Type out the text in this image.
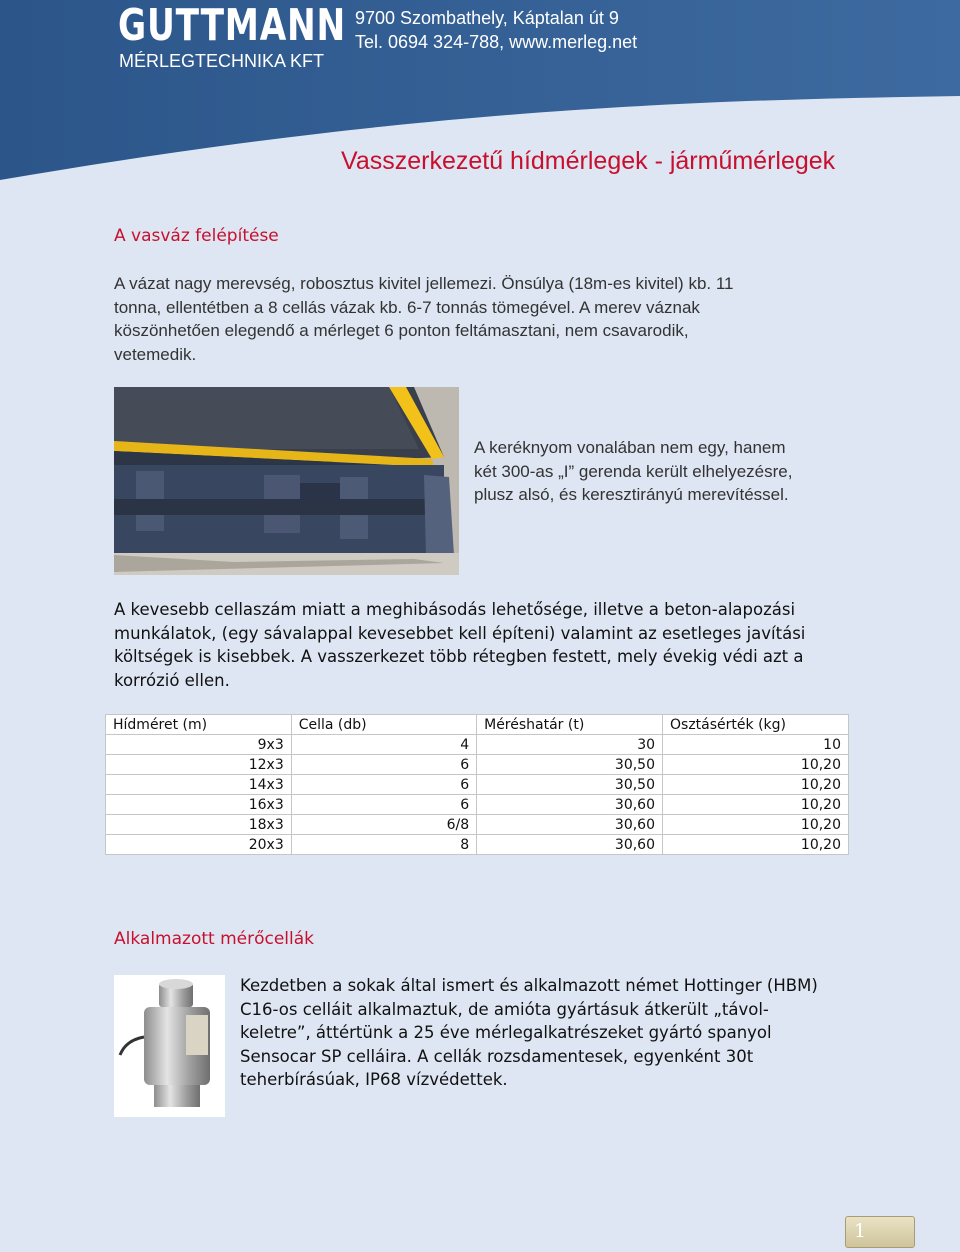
GUTTMANN
MÉRLEGTECHNIKA KFT
9700 Szombathely, Káptalan út 9
Tel. 0694 324-788, www.merleg.net
Vasszerkezetű hídmérlegek - járműmérlegek
A vasváz felépítése
A vázat nagy merevség, robosztus kivitel jellemezi. Önsúlya (18m-es kivitel) kb. 11
tonna, ellentétben a 8 cellás vázak kb. 6-7 tonnás tömegével. A merev váznak
köszönhetően elegendő a mérleget 6 ponton feltámasztani, nem csavarodik,
vetemedik.
A keréknyom vonalában nem egy, hanem
két 300-as „I” gerenda került elhelyezésre,
plusz alsó, és keresztirányú merevítéssel.
A kevesebb cellaszám miatt a meghibásodás lehetősége, illetve a beton-alapozási
munkálatok, (egy sávalappal kevesebbet kell építeni) valamint az esetleges javítási
költségek is kisebbek. A vasszerkezet több rétegben festett, mely évekig védi azt a
korrózió ellen.
Hídméret (m)	Cella (db)	Méréshatár (t)	Osztásérték (kg)
9x3	4	30	10
12x3	6	30,50	10,20
14x3	6	30,50	10,20
16x3	6	30,60	10,20
18x3	6/8	30,60	10,20
20x3	8	30,60	10,20
Alkalmazott mérőcellák
Kezdetben a sokak által ismert és alkalmazott német Hottinger (HBM)
C16-os celláit alkalmaztuk, de amióta gyártásuk átkerült „távol-
keletre”, áttértünk a 25 éve mérlegalkatrészeket gyártó spanyol
Sensocar SP celláira. A cellák rozsdamentesek, egyenként 30t
teherbírásúak, IP68 vízvédettek.
1
